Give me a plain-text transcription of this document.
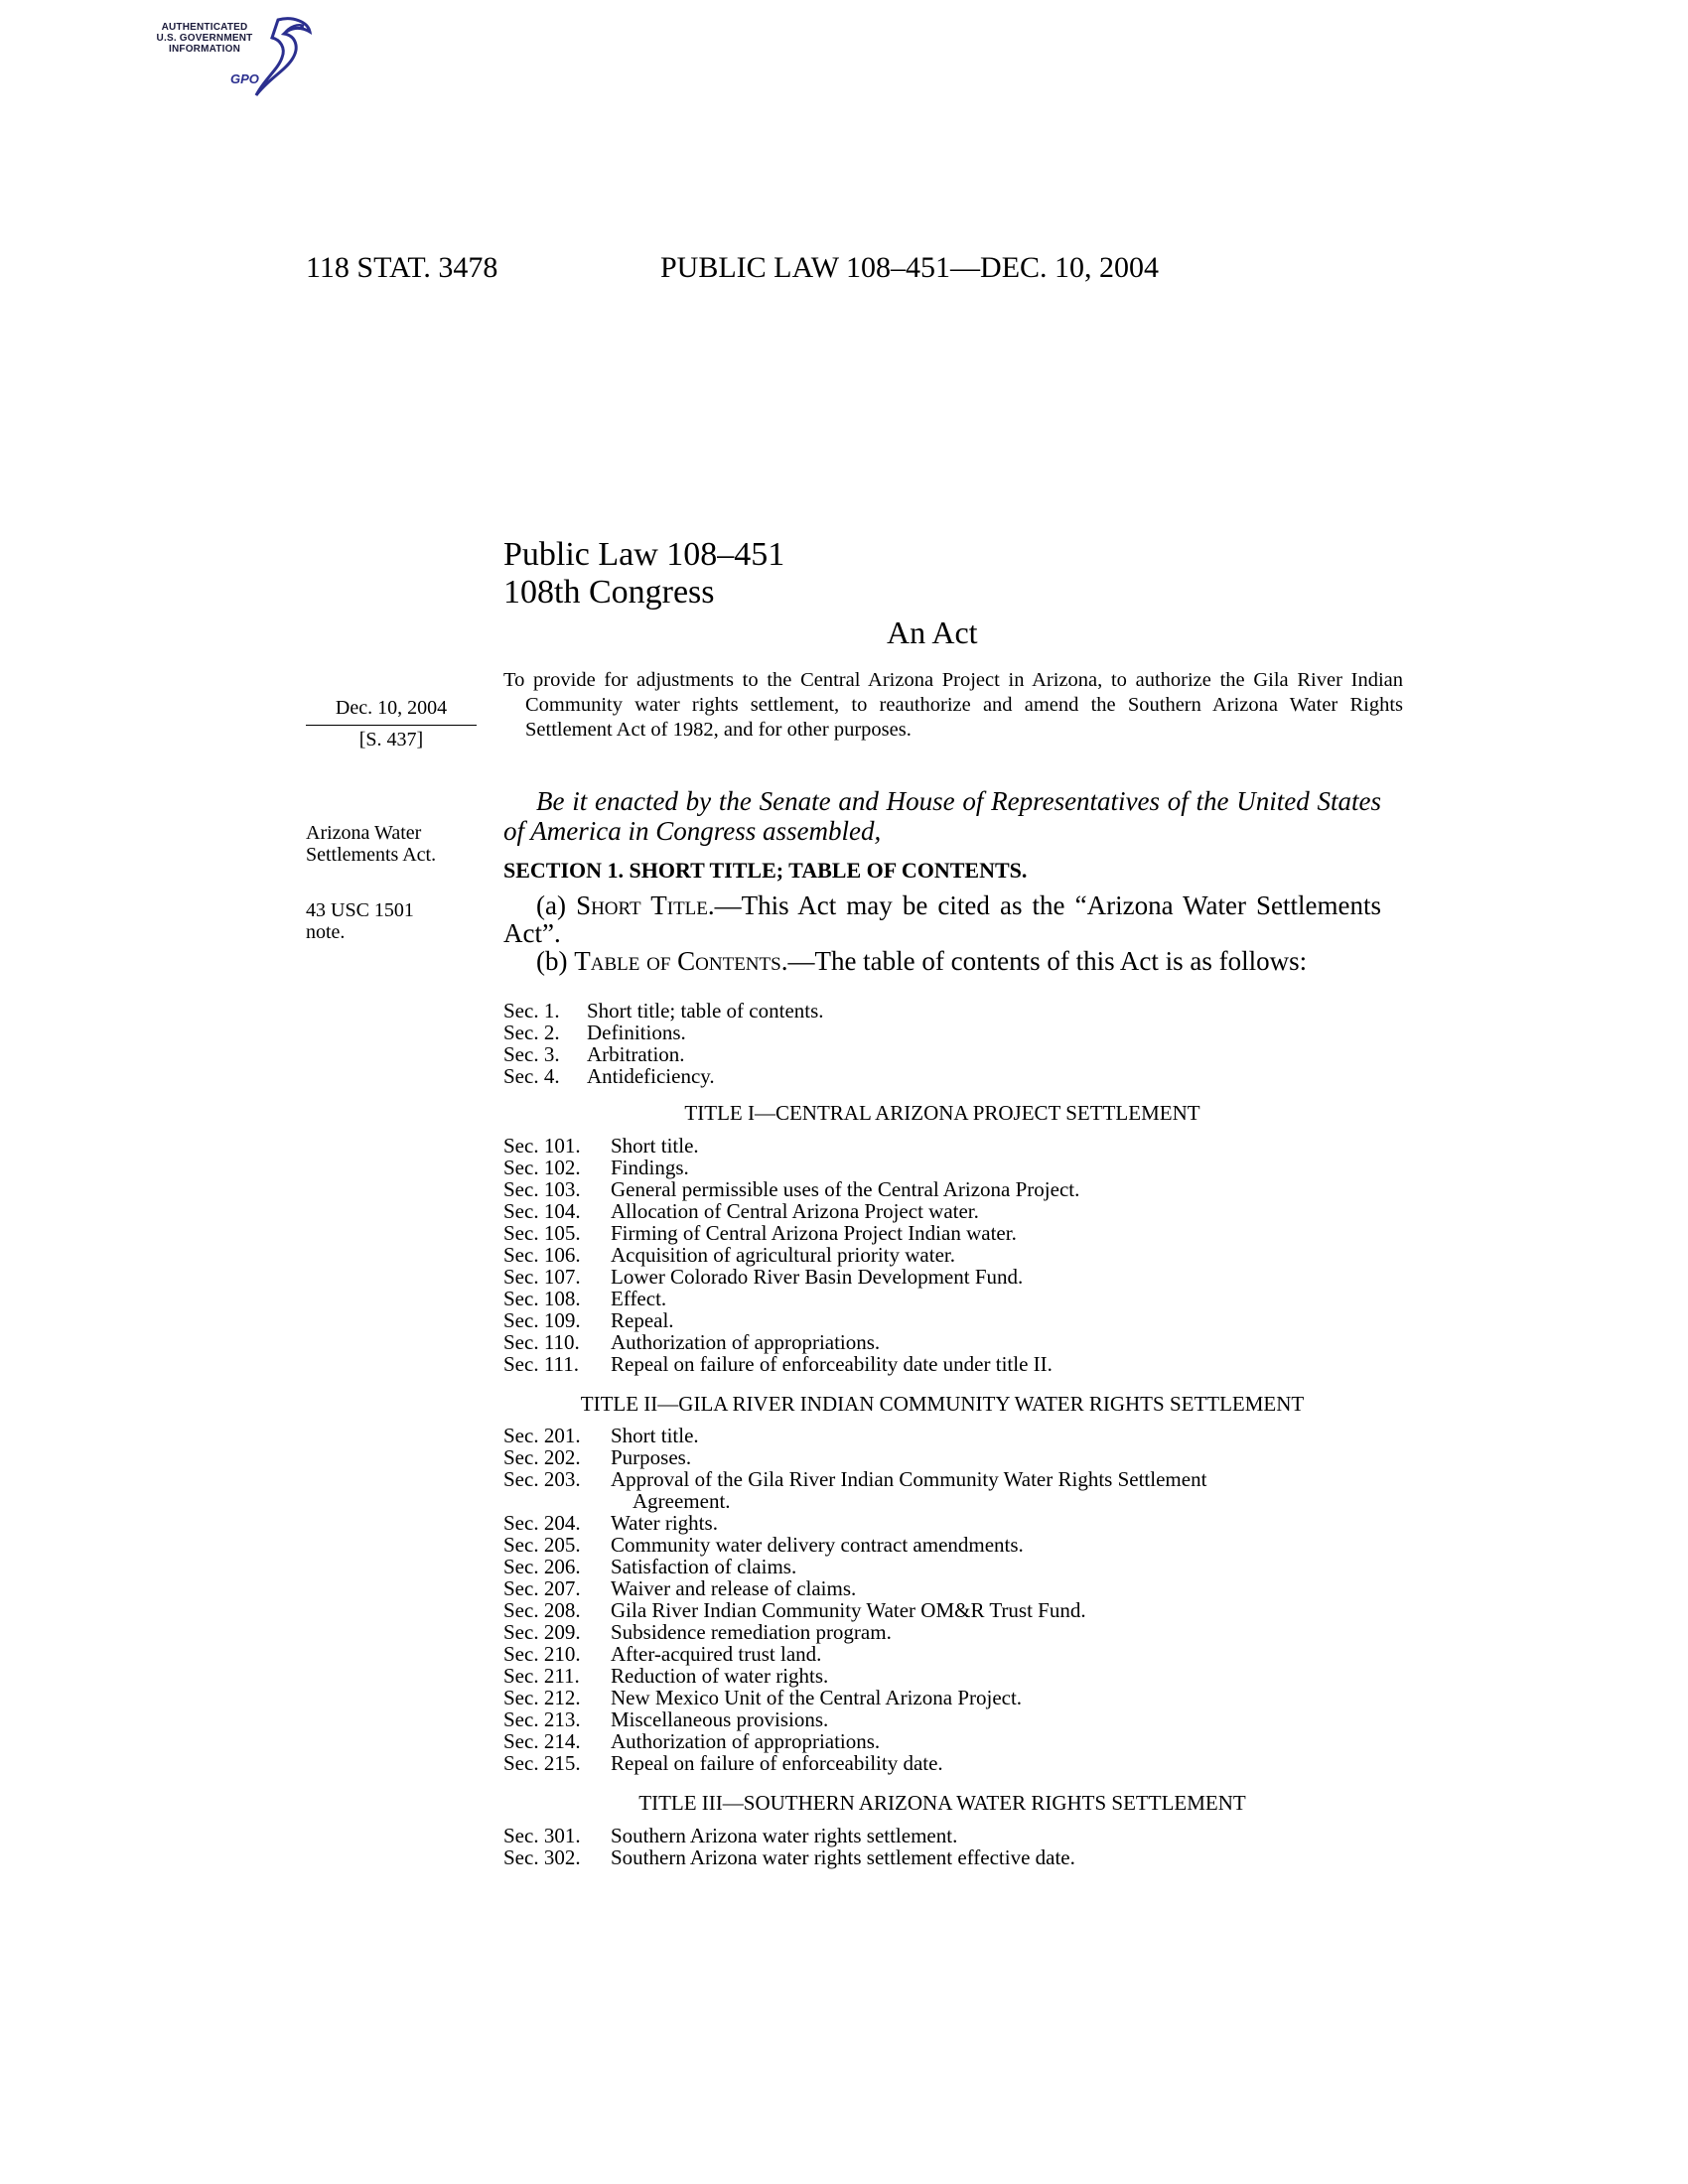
AUTHENTICATED
U.S. GOVERNMENT
INFORMATION
GPO
118 STAT. 3478	PUBLIC LAW 108–451—DEC. 10, 2004
Public Law 108–451
108th Congress
An Act
Dec. 10, 2004
[S. 437]
Arizona Water
Settlements Act.
43 USC 1501
note.
To provide for adjustments to the Central Arizona Project in Arizona, to authorize the Gila River Indian Community water rights settlement, to reauthorize and amend the Southern Arizona Water Rights Settlement Act of 1982, and for other purposes.
Be it enacted by the Senate and House of Representatives of the United States of America in Congress assembled,
SECTION 1. SHORT TITLE; TABLE OF CONTENTS.
(a) Short Title.—This Act may be cited as the “Arizona Water Settlements Act”.
(b) Table of Contents.—The table of contents of this Act is as follows:
Sec. 1. Short title; table of contents.
Sec. 2. Definitions.
Sec. 3. Arbitration.
Sec. 4. Antideficiency.
TITLE I—CENTRAL ARIZONA PROJECT SETTLEMENT
Sec. 101. Short title.
Sec. 102. Findings.
Sec. 103. General permissible uses of the Central Arizona Project.
Sec. 104. Allocation of Central Arizona Project water.
Sec. 105. Firming of Central Arizona Project Indian water.
Sec. 106. Acquisition of agricultural priority water.
Sec. 107. Lower Colorado River Basin Development Fund.
Sec. 108. Effect.
Sec. 109. Repeal.
Sec. 110. Authorization of appropriations.
Sec. 111. Repeal on failure of enforceability date under title II.
TITLE II—GILA RIVER INDIAN COMMUNITY WATER RIGHTS SETTLEMENT
Sec. 201. Short title.
Sec. 202. Purposes.
Sec. 203. Approval of the Gila River Indian Community Water Rights Settlement
Agreement.
Sec. 204. Water rights.
Sec. 205. Community water delivery contract amendments.
Sec. 206. Satisfaction of claims.
Sec. 207. Waiver and release of claims.
Sec. 208. Gila River Indian Community Water OM&R Trust Fund.
Sec. 209. Subsidence remediation program.
Sec. 210. After-acquired trust land.
Sec. 211. Reduction of water rights.
Sec. 212. New Mexico Unit of the Central Arizona Project.
Sec. 213. Miscellaneous provisions.
Sec. 214. Authorization of appropriations.
Sec. 215. Repeal on failure of enforceability date.
TITLE III—SOUTHERN ARIZONA WATER RIGHTS SETTLEMENT
Sec. 301. Southern Arizona water rights settlement.
Sec. 302. Southern Arizona water rights settlement effective date.
